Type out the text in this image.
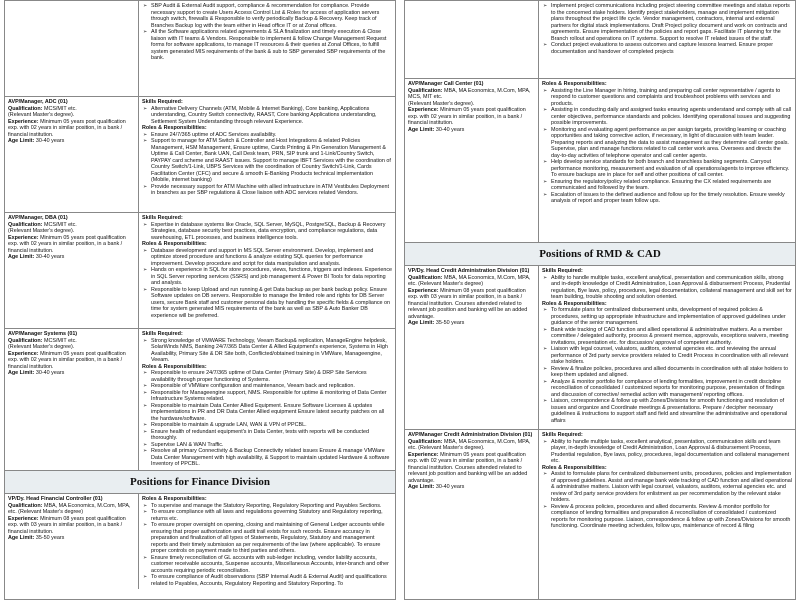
➢ SBP Audit & External Audit support, compliance & recommendation for compliance. Provide necessary support to create Users Access Control List & Roles for access of application servers through switch, firewalls & Responsible to verify periodically Backup & Recovery. Keep track of Branches Backup log with the team either in Head office IT or at Zonal offices.
➢ All the Software applications related agreements & SLA finalization and timely execution & Close liaison with IT teams & Vendors. Responsible to implement & follow Change Management Request forms for software applications, to manage IT resources & their queries at Zonal Offices, to fulfill system generated MIS requirements of the bank & sub to SBP generated SBP requirements of the bank.
AVP/Manager, ADC (01)
Qualification: MCS/MIT etc.
(Relevant Master's degree).
Experience: Minimum 05 years post qualification exp. with 02 years in similar position, in a bank / financial institution.
Age Limit: 30-40 years
Skills Required:
➢ Alternative Delivery Channels (ATM, Mobile & Internet Banking), Core banking, Applications understanding, Country Switch connectivity, RAAST, Core banking Applications understanding, Settlement System Understanding through relevant Experience.
Roles & Responsibilities:
➢ Ensure 24/7/365 uptime of ADC Services availability.
➢ Support to manage for ATM Switch & Controller and Host Integrations & related Policies Management, HSM Management, Ensure uptime, Cards Printing & Pin Generation Management & Uptime & Call Center, Bank UAN, Call Desk team, PRN, SIP trunk and 1-Link/Country Switch, PAYPAY card scheme and RAAST issues. Support to manage IBFT Services with the coordination of Country Switch/1-Link, UBPS Services with the coordination of Country Switch/1-Link, Cards Facilitation Center (CFC) and secure & smooth E-Banking Products technical implementation (Mobile, internet banking)
➢ Provide necessary support for ATM Machine with allied infrastructure in ATM Vestibules Deployment in branches as per SBP regulations & Close liaison with ADC services related Vendors.
AVP/Manager, DBA (01)
Qualification: MCS/MIT etc.
(Relevant Master's degree).
Experience: Minimum 05 years post qualification exp. with 02 years in similar position, in a bank / financial institution.
Age Limit: 30-40 years
Skills Required:
➢ Expertise in database systems like Oracle, SQL Server, MySQL, PostgreSQL, Backup & Recovery Strategies, database security best practices, data encryption, and compliance regulations, data warehousing, ETL processes, and business intelligence tools.
Roles & Responsibilities:
➢ Database development and support in MS SQL Server environment. Develop, implement and optimize stored procedure and functions & analyze existing SQL queries for performance improvement. Develop procedure and script for data manipulation and analysis.
➢ Hands on experience in SQL for store procedures, views, functions, triggers and indexes. Experience in SQL Server reporting services (SSRS) and job management & Power BI Tools for data reporting and analysis.
➢ Responsible to keep Upload and run running & get Data backup as per bank backup policy. Ensure Software updates on DB servers. Responsible to manage the limited role and rights for DB Server users, secure Bank staff and customer personal data by handling the specific fields & compliance on time for system generated MIS requirements of the bank as well as SBP & Auto Banker DB experience will be preferred.
AVP/Manager Systems (01)
Qualification: MCS/MIT etc.
(Relevant Master's degree).
Experience: Minimum 05 years post qualification exp. with 02 years in similar position, in a bank / financial institution.
Age Limit: 30-40 years
Skills Required:
➢ Strong knowledge of VMWARE Technology, Veeam Backup& replication, ManageEngine helpdesk, SolarWinds NMS, Banking 24/7/365 Data Center & Allied Equipment's experience, Systems in High Availability, Primary Site & DR Site both, Conflicted/obtained training in VMWare, Manageengine, Veeam.
Roles & Responsibilities:
➢ Responsible to ensure 24/7/365 uptime of Data Center (Primary Site) & DRP Site Services availability through proper functioning of Systems.
➢ Responsible of VMWare configuration and maintenance, Veeam back and replication.
➢ Responsible for Manageengine support, NMS. Responsible for uptime & monitoring of Data Center Infrastructure Systems related.
➢ Responsible to maintain Data Center Allied Equipment. Ensure Software Licenses & updates implementations in PR and DR Data Center Allied equipment Ensure latest security patches on all the hardware/software.
➢ Responsible to maintain & upgrade LAN, WAN & VPN of PPCBL.
➢ Ensure health of redundant equipment's in Data Center, tests with reports will be conducted thoroughly.
➢ Supervise LAN & WAN Traffic.
➢ Resolve all primary Connectivity & Backup Connectivity related issues Ensure & manage VMWare Data Center Management with high availability, & Support to maintain updated Hardware & software Inventory of PPCBL.
Positions for Finance Division
VP/Dy. Head Financial Controller (01)
Qualification: MBA, MA Economics, M.Com, MPA, etc. (Relevant Master's degree)
Experience: Minimum 08 years post qualification exp. with 03 years in similar position, in a bank / financial institution.
Age Limit: 35-50 years
Roles & Responsibilities:
➢ To supervise and manage the Statutory Reporting, Regulatory Reporting and Payables Sections.
➢ To ensure compliance with all laws and regulations governing Statutory and Regulatory reporting, returns etc.
➢ To ensure proper oversight on opening, closing and maintaining of General Ledger accounts while ensuring that proper authorization and audit trail exists for such records. Ensure accuracy in preparation and finalization of all types of Statements, Regulatory, Statutory and management reports and their timely submission as per requirements of the law (where applicable). To ensure proper controls on payment made to third parties and others.
➢ Ensure timely reconciliation of GL accounts with sub-ledger including, vendor liability accounts, customer receivable accounts, Suspense accounts, Miscellaneous Accounts, inter-branch and other accounts requiring periodic reconciliation.
➢ To ensure compliance of Audit observations (SBP Internal Audit & External Audit) and qualifications related to Payables, Accounts, Regulatory Reporting and Statutory Reporting. To
➢ Implement project communications including project steering committee meetings and status reports to the concerned stake holders. Identify project stakeholders, manage and implement mitigation plans throughout the project life cycle. Vendor management, contractors, internal and external partners for digital stack implementations. Draft Project policy document and work on contracts and agreements. Ensure implementation of the policies and report gaps. Facilitate IT planning for the Branch rollout and operations on IT systems. Support to resolve IT related issues of the staff.
➢ Conduct project evaluations to assess outcomes and capture lessons learned. Ensure proper documentation and handover of completed projects
AVP/Manager Call Center (01)
Qualification: MBA, MA Economics, M.Com, MPA, MCS, MIT etc.
(Relevant Master's degree).
Experience: Minimum 05 years post qualification exp. with 02 years in similar position, in a bank / financial institution.
Age Limit: 30-40 years
Roles & Responsibilities:
➢ Assisting the Line Manager in hiring, training and preparing call center representative / agents to respond to customer questions and complaints and troubleshoot problems with services and products.
➢ Assisting in conducting daily and assigned tasks ensuring agents understand and comply with all call center objectives, performance standards and policies. Identifying operational issues and suggesting possible improvements.
➢ Monitoring and evaluating agent performance as per assign targets, providing learning or coaching opportunities and taking corrective action, if necessary, in light of discussion with team leader. Preparing reports and analyzing the data to assist management as they determine call center goals. Supervise, plan and manage functions related to call center work area. Oversees and directs the day-to-day activities of telephone operator and call center agents.
➢ Help develop service standards for both branch and branchless banking segments. Carryout performance monitoring, measurement and evaluation of all operations/agents to improve efficiency. To ensure backups are in place for self and other positions of call center.
➢ Ensuring the regulatory/policy related compliance. Ensuring the CX related requirements are communicated and followed by the team.
➢ Escalation of issues to the defined audience and follow up for the timely resolution. Ensure weekly analysis of report and proper team follow ups.
Positions of RMD & CAD
VP/Dy. Head Credit Administration Division (01)
Qualification: MBA, MA Economics, M.Com, MPA, etc. (Relevant Master's degree)
Experience: Minimum 08 years post qualification exp. with 03 years in similar position, in a bank / financial institution. Courses attended related to relevant job position and banking will be an added advantage.
Age Limit: 35-50 years
Skills Required:
➢ Ability to handle multiple tasks, excellent analytical, presentation and communication skills, strong and in-depth knowledge of Credit Administration, Loan Approval & disbursement Process, Prudential regulation, Bye laws, policy, procedures, legal documentation, collateral management and skill set for team building, trouble shooting and solution oriented.
Roles & Responsibilities:
➢ To formulate plans for centralized disbursement units, development of required policies & procedures, setting up appropriate infrastructure and implementation of approved guidelines under guidance of the senior management.
➢ Bank wide tracking of CAD function and allied operational & administrative matters. As a member committee / delegated authority, process & present memos, approvals, exceptions waivers, meeting invitations, presentation etc. for discussion/ approval of competent authority.
➢ Liaison with legal counsel, valuators, auditors, external agencies etc. and reviewing the annual performance of 3rd party service providers related to Credit Process in coordination with all relevant stake holders.
➢ Review & finalize policies, procedures and allied documents in coordination with all stake holders to keep them updated and aligned.
➢ Analyze & monitor portfolio for compliance of lending formalities, improvement in credit discipline reconciliation of consolidated / customized reports for monitoring purpose, presentation of findings and discussion of corrective/ remedial action with management/ reporting offices.
➢ Liaison, correspondence & follow up with Zones/Divisions for smooth functioning and resolution of issues and organize and Coordinate meetings & presentations. Prepare / decipher necessary guidelines & instructions to support staff and field and streamline the administrative and operational affairs
AVP/Manager Credit Administration Division (01)
Qualification: MBA, MA Economics, M.Com, MPA, etc. (Relevant Master's degree).
Experience: Minimum 05 years post qualification exp. with 02 years in similar position, in a bank / financial institution. Courses attended related to relevant job position and banking will be an added advantage.
Age Limit: 30-40 years
Skills Required:
➢ Ability to handle multiple tasks, excellent analytical, presentation, communication skills and team player, in-depth knowledge of Credit Administration, Loan Approval & disbursement Process, Prudential regulation, Bye laws, policy, procedures, legal documentation and collateral management etc.
Roles & Responsibilities:
➢ Assist to formulate plans for centralized disbursement units, procedures, policies and implementation of approved guidelines. Assist and manage bank wide tracking of CAD function and allied operational & administrative matters. Liaison with legal counsel, valuators, auditors, external agencies etc. and review of 3rd party service providers for enlistment as per recommendation by the relevant stake holders.
➢ Review & process policies, procedures and allied documents. Review & monitor portfolio for compliance of lending formalities and preparation & reconciliation of consolidated / customized reports for monitoring purpose. Liaison, correspondence & follow up with Zones/Divisions for smooth functioning. Coordinate meeting schedules, follow ups, maintenance of record & filing
